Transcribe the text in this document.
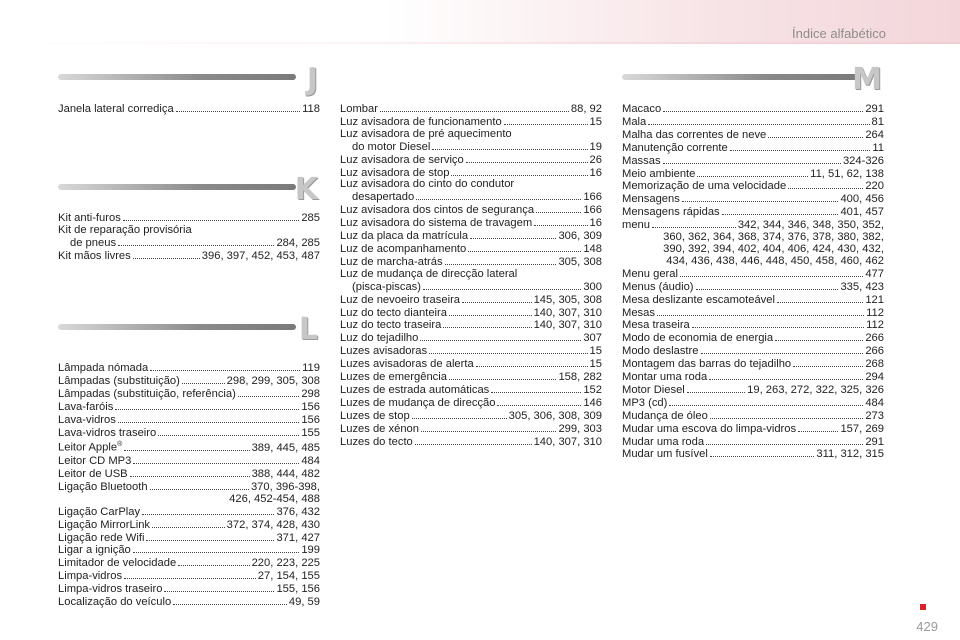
Índice alfabético
J
Janela lateral corrediça	118
K
Kit anti-furos	285
Kit de reparação provisória
de pneus	284, 285
Kit mãos livres	396, 397, 452, 453, 487
L
Lâmpada nómada	119
Lâmpadas (substituição)	298, 299, 305, 308
Lâmpadas (substituição, referência)	298
Lava-faróis	156
Lava-vidros	156
Lava-vidros traseiro	155
Leitor Apple®	389, 445, 485
Leitor CD MP3	484
Leitor de USB	388, 444, 482
Ligação Bluetooth	370, 396-398,
426, 452-454, 488
Ligação CarPlay	376, 432
Ligação MirrorLink	372, 374, 428, 430
Ligação rede Wifi	371, 427
Ligar a ignição	199
Limitador de velocidade	220, 223, 225
Limpa-vidros	27, 154, 155
Limpa-vidros traseiro	155, 156
Localização do veículo	49, 59
Lombar	88, 92
Luz avisadora de funcionamento	15
Luz avisadora de pré aquecimento
do motor Diesel	19
Luz avisadora de serviço	26
Luz avisadora de stop	16
Luz avisadora do cinto do condutor
desapertado	166
Luz avisadora dos cintos de segurança	166
Luz avisadora do sistema de travagem	16
Luz da placa da matrícula	306, 309
Luz de acompanhamento	148
Luz de marcha-atrás	305, 308
Luz de mudança de direcção lateral
(pisca-piscas)	300
Luz de nevoeiro traseira	145, 305, 308
Luz do tecto dianteira	140, 307, 310
Luz do tecto traseira	140, 307, 310
Luz do tejadilho	307
Luzes avisadoras	15
Luzes avisadoras de alerta	15
Luzes de emergência	158, 282
Luzes de estrada automáticas	152
Luzes de mudança de direcção	146
Luzes de stop	305, 306, 308, 309
Luzes de xénon	299, 303
Luzes do tecto	140, 307, 310
M
Macaco	291
Mala	81
Malha das correntes de neve	264
Manutenção corrente	11
Massas	324-326
Meio ambiente	11, 51, 62, 138
Memorização de uma velocidade	220
Mensagens	400, 456
Mensagens rápidas	401, 457
menu	342, 344, 346, 348, 350, 352,
360, 362, 364, 368, 374, 376, 378, 380, 382,
390, 392, 394, 402, 404, 406, 424, 430, 432,
434, 436, 438, 446, 448, 450, 458, 460, 462
Menu geral	477
Menus (áudio)	335, 423
Mesa deslizante escamoteável	121
Mesas	112
Mesa traseira	112
Modo de economia de energia	266
Modo deslastre	266
Montagem das barras do tejadilho	268
Montar uma roda	294
Motor Diesel	19, 263, 272, 322, 325, 326
MP3 (cd)	484
Mudança de óleo	273
Mudar uma escova do limpa-vidros	157, 269
Mudar uma roda	291
Mudar um fusível	311, 312, 315
429
